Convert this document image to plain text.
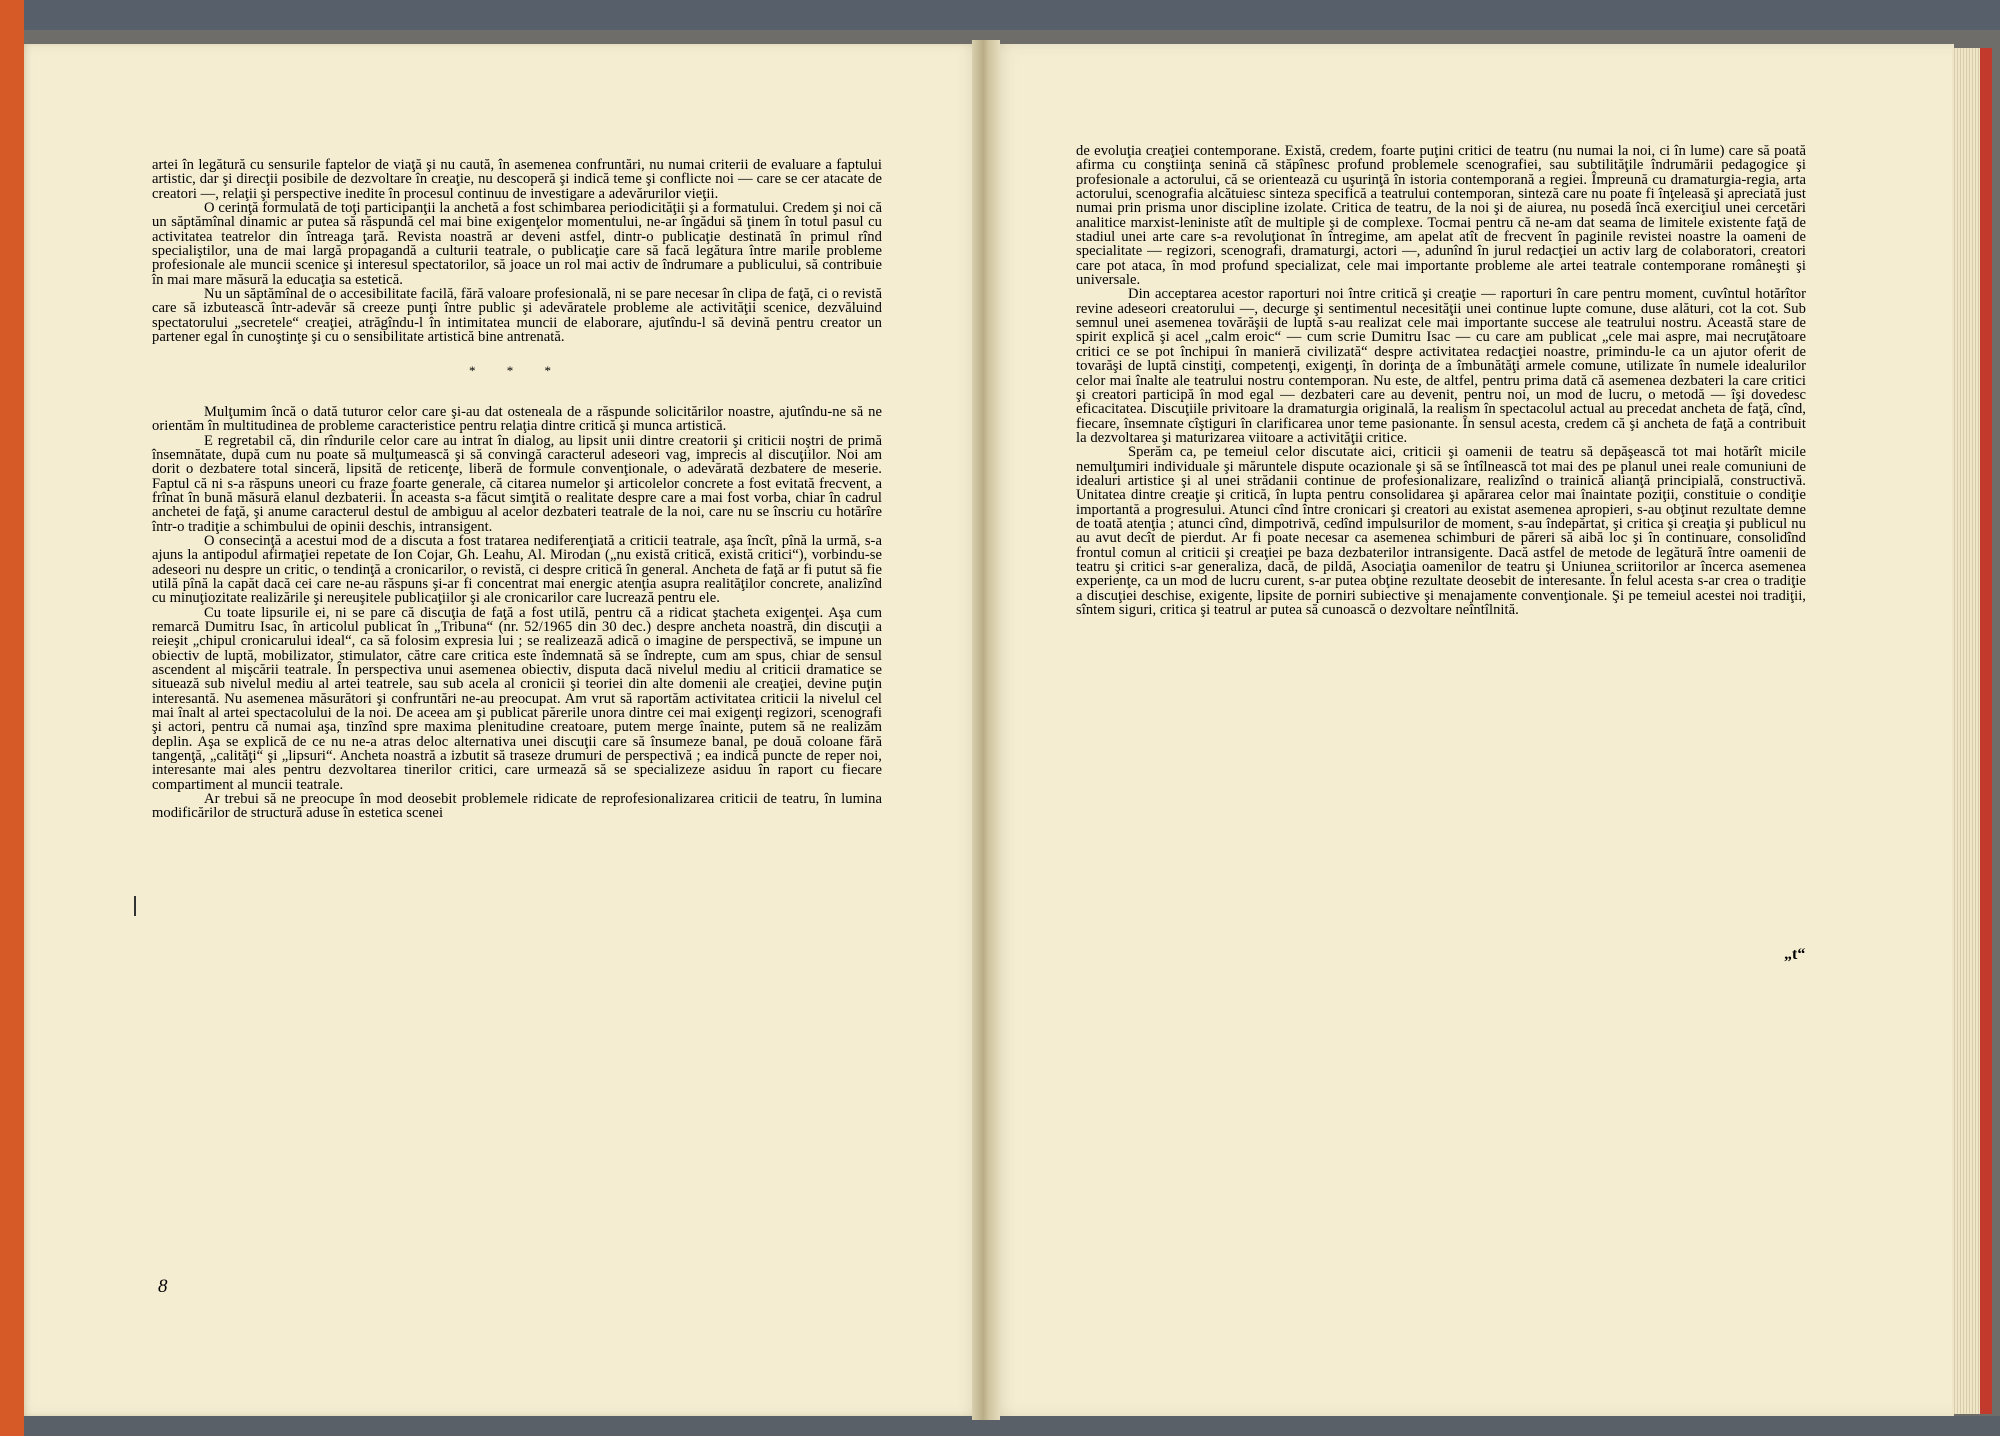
artei în legătură cu sensurile faptelor de viaţă şi nu caută, în asemenea confruntări, nu numai criterii de evaluare a faptului artistic, dar şi direcţii posibile de dezvoltare în creaţie, nu descoperă şi indică teme şi conflicte noi — care se cer atacate de creatori —, relaţii şi perspective inedite în procesul continuu de investigare a adevărurilor vieţii.

O cerinţă formulată de toţi participanţii la anchetă a fost schimbarea periodicităţii şi a formatului. Credem şi noi că un săptămînal dinamic ar putea să răspundă cel mai bine exigenţelor momentului, ne-ar îngădui să ţinem în totul pasul cu activitatea teatrelor din întreaga ţară. Revista noastră ar deveni astfel, dintr-o publicaţie destinată în primul rînd specialiştilor, una de mai largă propagandă a culturii teatrale, o publicaţie care să facă legătura între marile probleme profesionale ale muncii scenice şi interesul spectatorilor, să joace un rol mai activ de îndrumare a publicului, să contribuie în mai mare măsură la educaţia sa estetică.

Nu un săptămînal de o accesibilitate facilă, fără valoare profesională, ni se pare necesar în clipa de faţă, ci o revistă care să izbutească într-adevăr să creeze punţi între public şi adevăratele probleme ale activităţii scenice, dezvăluind spectatorului „secretele“ creaţiei, atrăgîndu-l în intimitatea muncii de elaborare, ajutîndu-l să devină pentru creator un partener egal în cunoştinţe şi cu o sensibilitate artistică bine antrenată.

* * *

Mulţumim încă o dată tuturor celor care şi-au dat osteneala de a răspunde solicitărilor noastre, ajutîndu-ne să ne orientăm în multitudinea de probleme caracteristice pentru relaţia dintre critică şi munca artistică.

E regretabil că, din rîndurile celor care au intrat în dialog, au lipsit unii dintre creatorii şi criticii noştri de primă însemnătate, după cum nu poate să mulţumească şi să convingă caracterul adeseori vag, imprecis al discuţiilor. Noi am dorit o dezbatere total sinceră, lipsită de reticenţe, liberă de formule convenţionale, o adevărată dezbatere de meserie. Faptul că ni s-a răspuns uneori cu fraze foarte generale, că citarea numelor şi articolelor concrete a fost evitată frecvent, a frînat în bună măsură elanul dezbaterii. În aceasta s-a făcut simţită o realitate despre care a mai fost vorba, chiar în cadrul anchetei de faţă, şi anume caracterul destul de ambiguu al acelor dezbateri teatrale de la noi, care nu se înscriu cu hotărîre într-o tradiţie a schimbului de opinii deschis, intransigent.

O consecinţă a acestui mod de a discuta a fost tratarea nediferenţiată a criticii teatrale, aşa încît, pînă la urmă, s-a ajuns la antipodul afirmaţiei repetate de Ion Cojar, Gh. Leahu, Al. Mirodan („nu există critică, există critici“), vorbindu-se adeseori nu despre un critic, o tendinţă a cronicarilor, o revistă, ci despre critică în general. Ancheta de faţă ar fi putut să fie utilă pînă la capăt dacă cei care ne-au răspuns şi-ar fi concentrat mai energic atenţia asupra realităţilor concrete, analizînd cu minuţiozitate realizările şi nereuşitele publicaţiilor şi ale cronicarilor care lucrează pentru ele.

Cu toate lipsurile ei, ni se pare că discuţia de faţă a fost utilă, pentru că a ridicat ştacheta exigenţei. Aşa cum remarcă Dumitru Isac, în articolul publicat în „Tribuna“ (nr. 52/1965 din 30 dec.) despre ancheta noastră, din discuţii a reieşit „chipul cronicarului ideal“, ca să folosim expresia lui ; se realizează adică o imagine de perspectivă, se impune un obiectiv de luptă, mobilizator, stimulator, către care critica este îndemnată să se îndrepte, cum am spus, chiar de sensul ascendent al mişcării teatrale. În perspectiva unui asemenea obiectiv, disputa dacă nivelul mediu al criticii dramatice se situează sub nivelul mediu al artei teatrele, sau sub acela al cronicii şi teoriei din alte domenii ale creaţiei, devine puţin interesantă. Nu asemenea măsurători şi confruntări ne-au preocupat. Am vrut să raportăm activitatea criticii la nivelul cel mai înalt al artei spectacolului de la noi. De aceea am şi publicat părerile unora dintre cei mai exigenţi regizori, scenografi şi actori, pentru că numai aşa, tinzînd spre maxima plenitudine creatoare, putem merge înainte, putem să ne realizăm deplin. Aşa se explică de ce nu ne-a atras deloc alternativa unei discuţii care să însumeze banal, pe două coloane fără tangenţă, „calităţi“ şi „lipsuri“. Ancheta noastră a izbutit să traseze drumuri de perspectivă ; ea indică puncte de reper noi, interesante mai ales pentru dezvoltarea tinerilor critici, care urmează să se specializeze asiduu în raport cu fiecare compartiment al muncii teatrale.

Ar trebui să ne preocupe în mod deosebit problemele ridicate de reprofesionalizarea criticii de teatru, în lumina modificărilor de structură aduse în estetica scenei

8

de evoluţia creaţiei contemporane. Există, credem, foarte puţini critici de teatru (nu numai la noi, ci în lume) care să poată afirma cu conştiinţa senină că stăpînesc profund problemele scenografiei, sau subtilităţile îndrumării pedagogice şi profesionale a actorului, că se orientează cu uşurinţă în istoria contemporană a regiei. Împreună cu dramaturgia-regia, arta actorului, scenografia alcătuiesc sinteza specifică a teatrului contemporan, sinteză care nu poate fi înţeleasă şi apreciată just numai prin prisma unor discipline izolate. Critica de teatru, de la noi şi de aiurea, nu posedă încă exerciţiul unei cercetări analitice marxist-leniniste atît de multiple şi de complexe. Tocmai pentru că ne-am dat seama de limitele existente faţă de stadiul unei arte care s-a revoluţionat în întregime, am apelat atît de frecvent în paginile revistei noastre la oameni de specialitate — regizori, scenografi, dramaturgi, actori —, adunînd în jurul redacţiei un activ larg de colaboratori, creatori care pot ataca, în mod profund specializat, cele mai importante probleme ale artei teatrale contemporane româneşti şi universale.

Din acceptarea acestor raporturi noi între critică şi creaţie — raporturi în care pentru moment, cuvîntul hotărîtor revine adeseori creatorului —, decurge şi sentimentul necesităţii unei continue lupte comune, duse alături, cot la cot. Sub semnul unei asemenea tovărăşii de luptă s-au realizat cele mai importante succese ale teatrului nostru. Această stare de spirit explică şi acel „calm eroic“ — cum scrie Dumitru Isac — cu care am publicat „cele mai aspre, mai necruţătoare critici ce se pot închipui în manieră civilizată“ despre activitatea redacţiei noastre, primindu-le ca un ajutor oferit de tovarăşi de luptă cinstiţi, competenţi, exigenţi, în dorinţa de a îmbunătăţi armele comune, utilizate în numele idealurilor celor mai înalte ale teatrului nostru contemporan. Nu este, de altfel, pentru prima dată că asemenea dezbateri la care critici şi creatori participă în mod egal — dezbateri care au devenit, pentru noi, un mod de lucru, o metodă — îşi dovedesc eficacitatea. Discuţiile privitoare la dramaturgia originală, la realism în spectacolul actual au precedat ancheta de faţă, cînd, fiecare, însemnate cîştiguri în clarificarea unor teme pasionante. În sensul acesta, credem că şi ancheta de faţă a contribuit la dezvoltarea şi maturizarea viitoare a activităţii critice.

Sperăm ca, pe temeiul celor discutate aici, criticii şi oamenii de teatru să depăşească tot mai hotărît micile nemulţumiri individuale şi măruntele dispute ocazionale şi să se întîlnească tot mai des pe planul unei reale comuniuni de idealuri artistice şi al unei strădanii continue de profesionalizare, realizînd o trainică alianţă principială, constructivă. Unitatea dintre creaţie şi critică, în lupta pentru consolidarea şi apărarea celor mai înaintate poziţii, constituie o condiţie importantă a progresului. Atunci cînd între cronicari şi creatori au existat asemenea apropieri, s-au obţinut rezultate demne de toată atenţia ; atunci cînd, dimpotrivă, cedînd impulsurilor de moment, s-au îndepărtat, şi critica şi creaţia şi publicul nu au avut decît de pierdut. Ar fi poate necesar ca asemenea schimburi de păreri să aibă loc şi în continuare, consolidînd frontul comun al criticii şi creaţiei pe baza dezbaterilor intransigente. Dacă astfel de metode de legătură între oamenii de teatru şi critici s-ar generaliza, dacă, de pildă, Asociaţia oamenilor de teatru şi Uniunea scriitorilor ar încerca asemenea experienţe, ca un mod de lucru curent, s-ar putea obţine rezultate deosebit de interesante. În felul acesta s-ar crea o tradiţie a discuţiei deschise, exigente, lipsite de porniri subiective şi menajamente convenţionale. Şi pe temeiul acestei noi tradiţii, sîntem siguri, critica şi teatrul ar putea să cunoască o dezvoltare neîntîlnită.

„t“
